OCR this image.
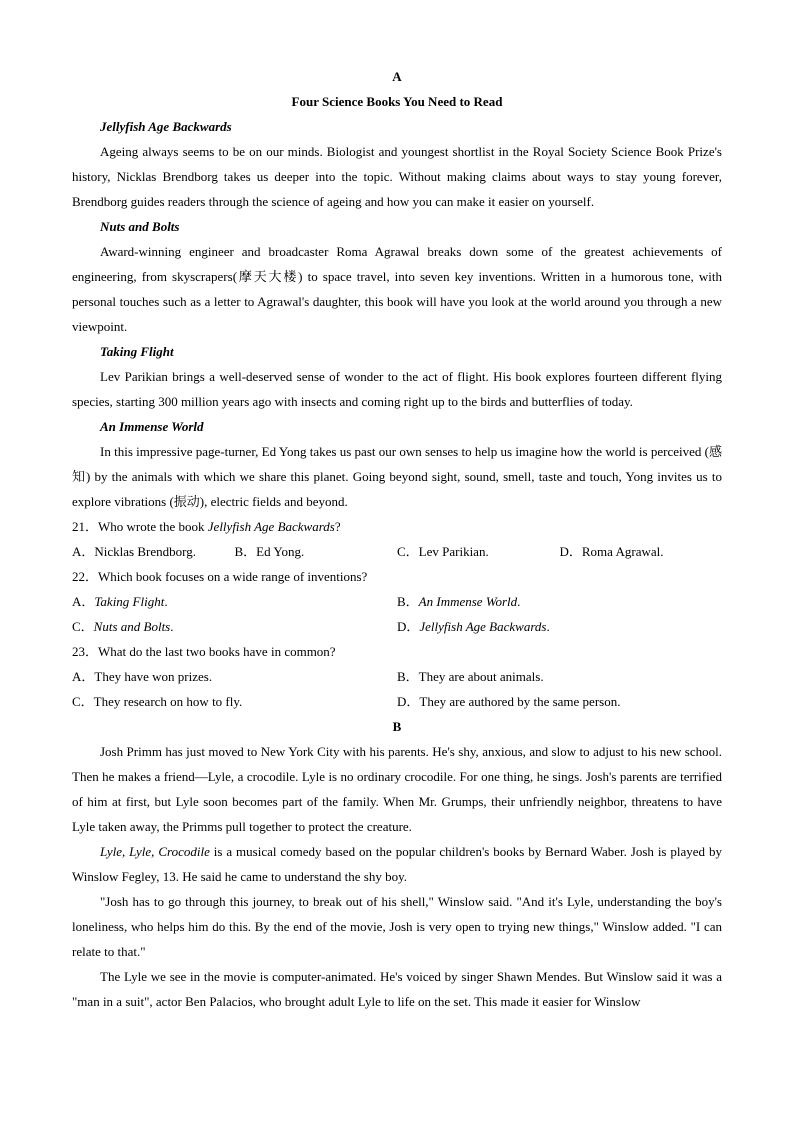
A
Four Science Books You Need to Read
Jellyfish Age Backwards
Ageing always seems to be on our minds. Biologist and youngest shortlist in the Royal Society Science Book Prize's history, Nicklas Brendborg takes us deeper into the topic. Without making claims about ways to stay young forever, Brendborg guides readers through the science of ageing and how you can make it easier on yourself.
Nuts and Bolts
Award-winning engineer and broadcaster Roma Agrawal breaks down some of the greatest achievements of engineering, from skyscrapers(摩天大楼) to space travel, into seven key inventions. Written in a humorous tone, with personal touches such as a letter to Agrawal's daughter, this book will have you look at the world around you through a new viewpoint.
Taking Flight
Lev Parikian brings a well-deserved sense of wonder to the act of flight. His book explores fourteen different flying species, starting 300 million years ago with insects and coming right up to the birds and butterflies of today.
An Immense World
In this impressive page-turner, Ed Yong takes us past our own senses to help us imagine how the world is perceived (感知) by the animals with which we share this planet. Going beyond sight, sound, smell, taste and touch, Yong invites us to explore vibrations (振动), electric fields and beyond.
21．Who wrote the book Jellyfish Age Backwards?
A．Nicklas Brendborg.	B．Ed Yong.	C．Lev Parikian.	D．Roma Agrawal.
22．Which book focuses on a wide range of inventions?
A．Taking Flight.	B．An Immense World.
C．Nuts and Bolts.	D．Jellyfish Age Backwards.
23．What do the last two books have in common?
A．They have won prizes.	B．They are about animals.
C．They research on how to fly.	D．They are authored by the same person.
B
Josh Primm has just moved to New York City with his parents. He's shy, anxious, and slow to adjust to his new school. Then he makes a friend—Lyle, a crocodile. Lyle is no ordinary crocodile. For one thing, he sings. Josh's parents are terrified of him at first, but Lyle soon becomes part of the family. When Mr. Grumps, their unfriendly neighbor, threatens to have Lyle taken away, the Primms pull together to protect the creature.
Lyle, Lyle, Crocodile is a musical comedy based on the popular children's books by Bernard Waber. Josh is played by Winslow Fegley, 13. He said he came to understand the shy boy.
"Josh has to go through this journey, to break out of his shell," Winslow said. "And it's Lyle, understanding the boy's loneliness, who helps him do this. By the end of the movie, Josh is very open to trying new things," Winslow added. "I can relate to that."
The Lyle we see in the movie is computer-animated. He's voiced by singer Shawn Mendes. But Winslow said it was a "man in a suit", actor Ben Palacios, who brought adult Lyle to life on the set. This made it easier for Winslow
